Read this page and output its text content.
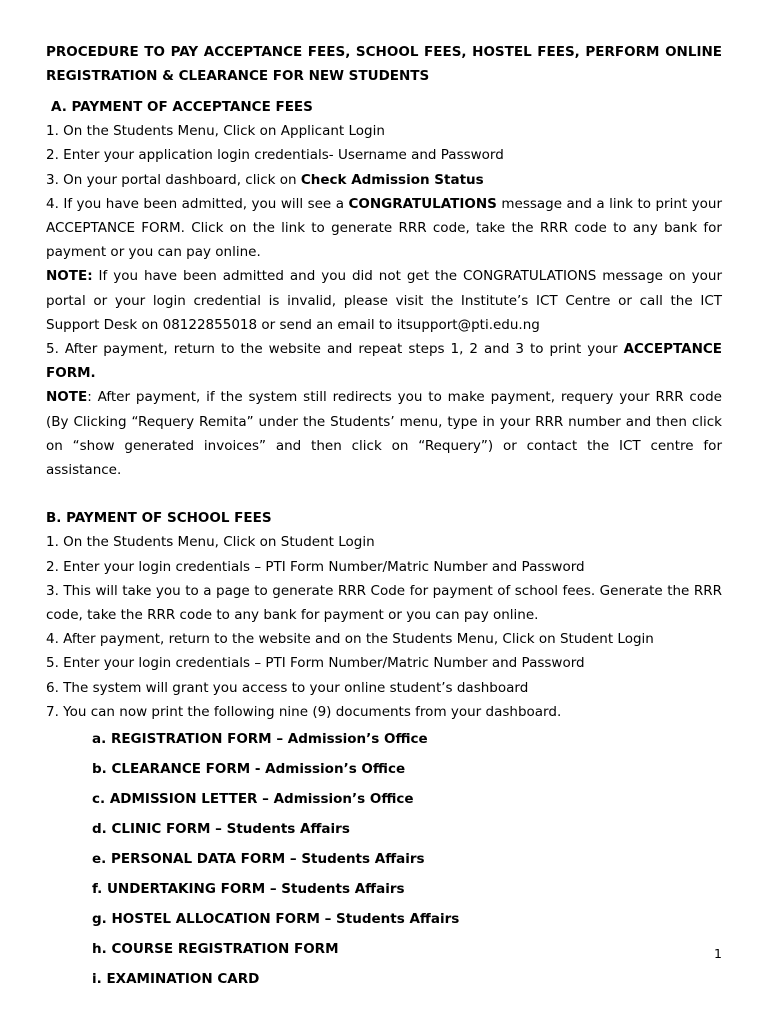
PROCEDURE TO PAY ACCEPTANCE FEES, SCHOOL FEES, HOSTEL FEES, PERFORM ONLINE
REGISTRATION & CLEARANCE FOR NEW STUDENTS

A. PAYMENT OF ACCEPTANCE FEES

1. On the Students Menu, Click on Applicant Login

2. Enter your application login credentials- Username and Password

3. On your portal dashboard, click on Check Admission Status

4. If you have been admitted, you will see a CONGRATULATIONS message and a link to print your ACCEPTANCE FORM. Click on the link to generate RRR code, take the RRR code to any bank for payment or you can pay online.

NOTE: If you have been admitted and you did not get the CONGRATULATIONS message on your portal or your login credential is invalid, please visit the Institute’s ICT Centre or call the ICT Support Desk on 08122855018 or send an email to itsupport@pti.edu.ng

5. After payment, return to the website and repeat steps 1, 2 and 3 to print your ACCEPTANCE FORM.

NOTE: After payment, if the system still redirects you to make payment, requery your RRR code (By Clicking “Requery Remita” under the Students’ menu, type in your RRR number and then click on “show generated invoices” and then click on “Requery”) or contact the ICT centre for assistance.

B. PAYMENT OF SCHOOL FEES

1. On the Students Menu, Click on Student Login

2. Enter your login credentials – PTI Form Number/Matric Number and Password

3. This will take you to a page to generate RRR Code for payment of school fees. Generate the RRR code, take the RRR code to any bank for payment or you can pay online.

4. After payment, return to the website and on the Students Menu, Click on Student Login

5. Enter your login credentials – PTI Form Number/Matric Number and Password

6. The system will grant you access to your online student’s dashboard

7. You can now print the following nine (9) documents from your dashboard.

a. REGISTRATION FORM – Admission’s Office
b. CLEARANCE FORM - Admission’s Office
c. ADMISSION LETTER – Admission’s Office
d. CLINIC FORM – Students Affairs
e. PERSONAL DATA FORM – Students Affairs
f. UNDERTAKING FORM – Students Affairs
g. HOSTEL ALLOCATION FORM – Students Affairs
h. COURSE REGISTRATION FORM
i. EXAMINATION CARD
1
